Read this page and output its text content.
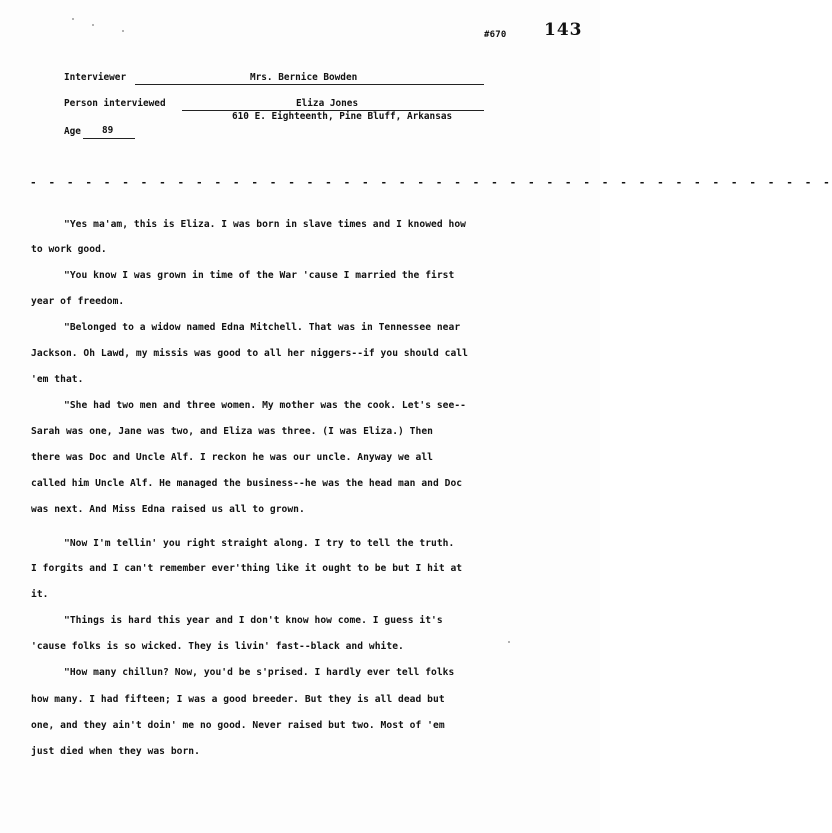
#670 143
Interviewer	Mrs. Bernice Bowden
Person interviewed	Eliza Jones
610 E. Eighteenth, Pine Bluff, Arkansas
Age 89
- - - - - - - - - - - - - - - - - - - - - - - - - - - - - - - - - - - - - - - - - - - -
"Yes ma'am, this is Eliza. I was born in slave times and I knowed how
to work good.
"You know I was grown in time of the War 'cause I married the first
year of freedom.
"Belonged to a widow named Edna Mitchell. That was in Tennessee near
Jackson. Oh Lawd, my missis was good to all her niggers--if you should call
'em that.
"She had two men and three women. My mother was the cook. Let's see--
Sarah was one, Jane was two, and Eliza was three. (I was Eliza.) Then
there was Doc and Uncle Alf. I reckon he was our uncle. Anyway we all
called him Uncle Alf. He managed the business--he was the head man and Doc
was next. And Miss Edna raised us all to grown.
"Now I'm tellin' you right straight along. I try to tell the truth.
I forgits and I can't remember ever'thing like it ought to be but I hit at
it.
"Things is hard this year and I don't know how come. I guess it's
'cause folks is so wicked. They is livin' fast--black and white.
"How many chillun? Now, you'd be s'prised. I hardly ever tell folks
how many. I had fifteen; I was a good breeder. But they is all dead but
one, and they ain't doin' me no good. Never raised but two. Most of 'em
just died when they was born.
